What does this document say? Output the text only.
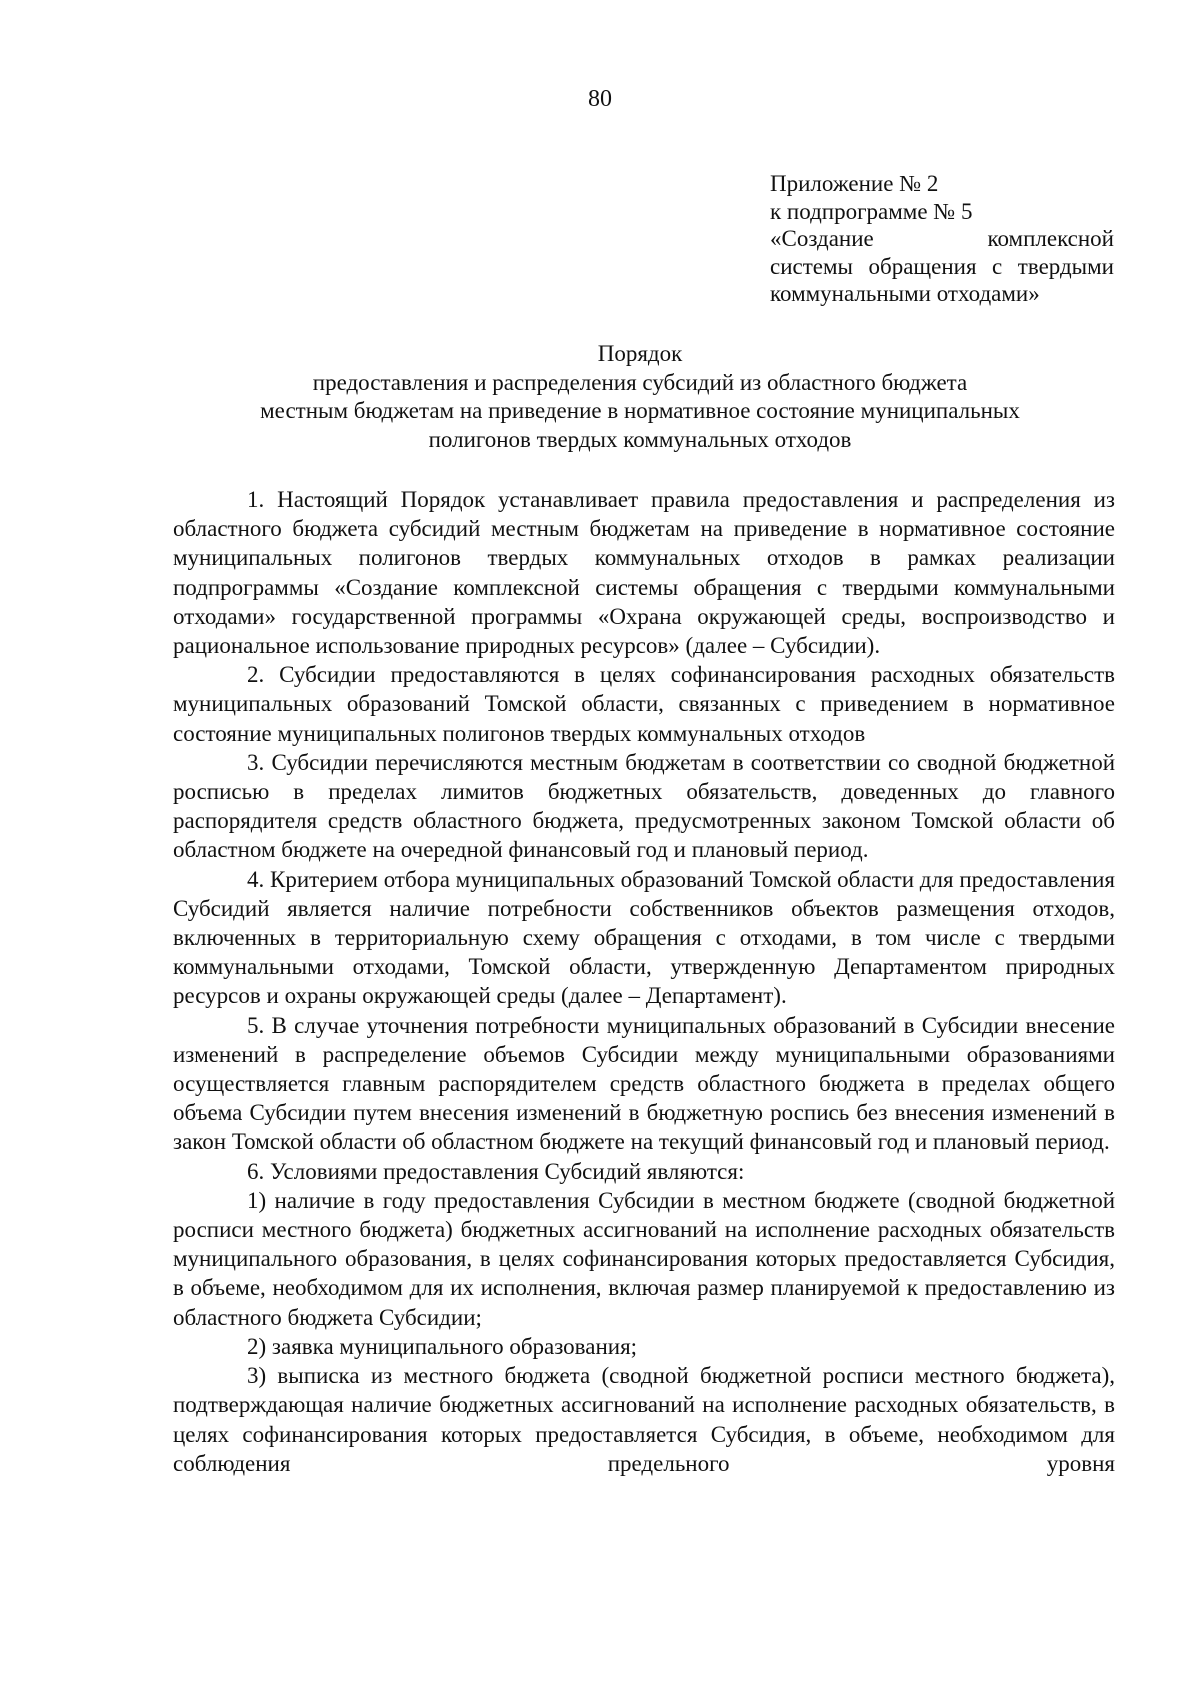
80
Приложение № 2
к подпрограмме № 5
«Создание комплексной
системы обращения с твердыми
коммунальными отходами»
Порядок
предоставления и распределения субсидий из областного бюджета
местным бюджетам на приведение в нормативное состояние муниципальных
полигонов твердых коммунальных отходов

1. Настоящий Порядок устанавливает правила предоставления и распределения из областного бюджета субсидий местным бюджетам на приведение в нормативное состояние муниципальных полигонов твердых коммунальных отходов в рамках реализации подпрограммы «Создание комплексной системы обращения с твердыми коммунальными отходами» государственной программы «Охрана окружающей среды, воспроизводство и рациональное использование природных ресурсов» (далее – Субсидии).

2. Субсидии предоставляются в целях софинансирования расходных обязательств муниципальных образований Томской области, связанных с приведением в нормативное состояние муниципальных полигонов твердых коммунальных отходов

3. Субсидии перечисляются местным бюджетам в соответствии со сводной бюджетной росписью в пределах лимитов бюджетных обязательств, доведенных до главного распорядителя средств областного бюджета, предусмотренных законом Томской области об областном бюджете на очередной финансовый год и плановый период.

4. Критерием отбора муниципальных образований Томской области для предоставления Субсидий является наличие потребности собственников объектов размещения отходов, включенных в территориальную схему обращения с отходами, в том числе с твердыми коммунальными отходами, Томской области, утвержденную Департаментом природных ресурсов и охраны окружающей среды (далее – Департамент).

5. В случае уточнения потребности муниципальных образований в Субсидии внесение изменений в распределение объемов Субсидии между муниципальными образованиями осуществляется главным распорядителем средств областного бюджета в пределах общего объема Субсидии путем внесения изменений в бюджетную роспись без внесения изменений в закон Томской области об областном бюджете на текущий финансовый год и плановый период.

6. Условиями предоставления Субсидий являются:

1) наличие в году предоставления Субсидии в местном бюджете (сводной бюджетной росписи местного бюджета) бюджетных ассигнований на исполнение расходных обязательств муниципального образования, в целях софинансирования которых предоставляется Субсидия, в объеме, необходимом для их исполнения, включая размер планируемой к предоставлению из областного бюджета Субсидии;

2) заявка муниципального образования;

3) выписка из местного бюджета (сводной бюджетной росписи местного бюджета), подтверждающая наличие бюджетных ассигнований на исполнение расходных обязательств, в целях софинансирования которых предоставляется Субсидия, в объеме, необходимом для соблюдения предельного уровня
